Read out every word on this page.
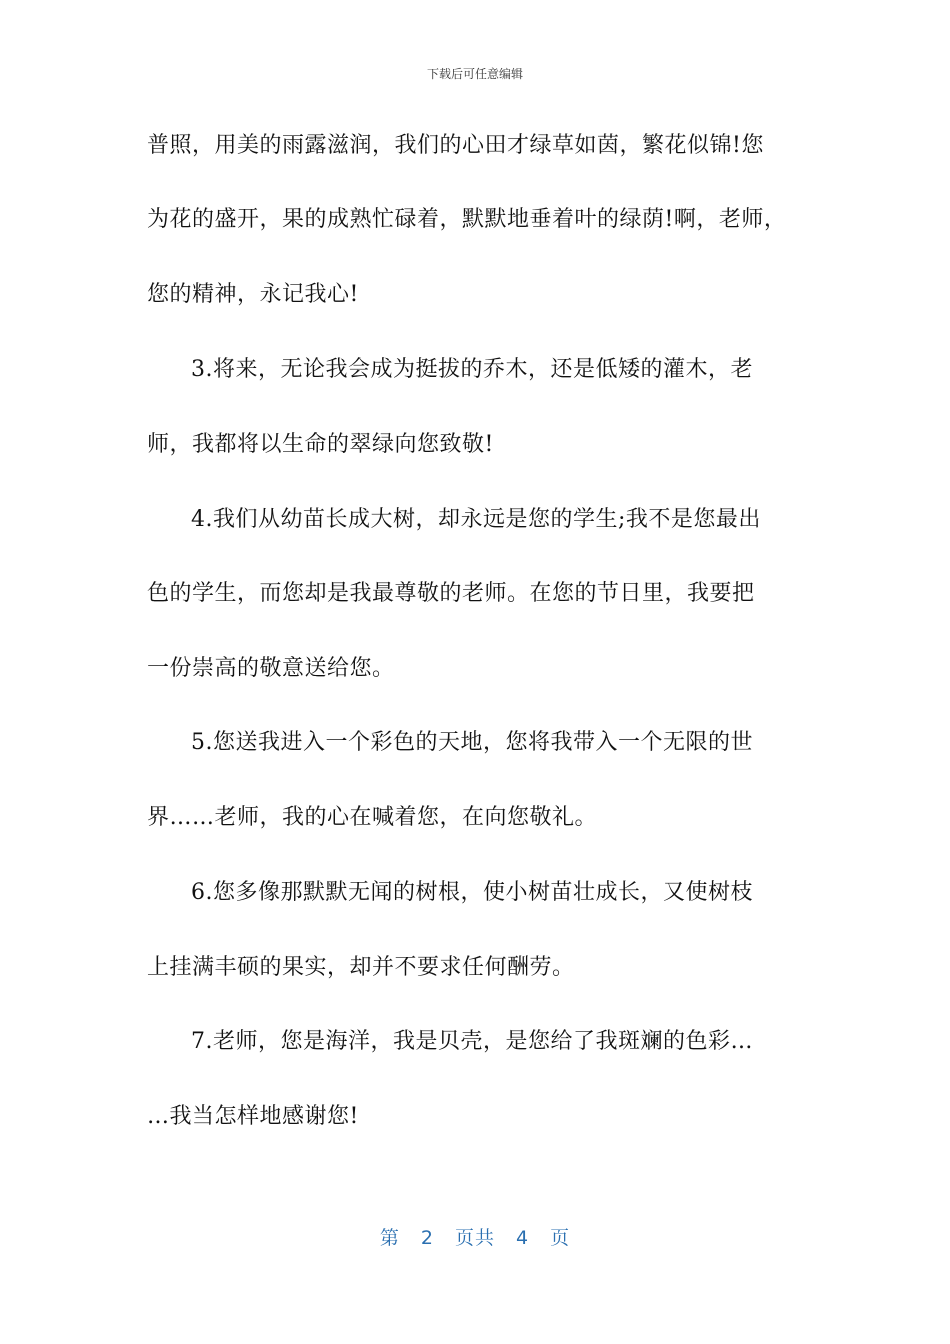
下载后可任意编辑
普照，用美的雨露滋润，我们的心田才绿草如茵，繁花似锦!您
为花的盛开，果的成熟忙碌着，默默地垂着叶的绿荫!啊，老师，
您的精神，永记我心!
3.将来，无论我会成为挺拔的乔木，还是低矮的灌木，老
师，我都将以生命的翠绿向您致敬!
4.我们从幼苗长成大树，却永远是您的学生;我不是您最出
色的学生，而您却是我最尊敬的老师。在您的节日里，我要把
一份崇高的敬意送给您。
5.您送我进入一个彩色的天地，您将我带入一个无限的世
界……老师，我的心在喊着您，在向您敬礼。
6.您多像那默默无闻的树根，使小树苗壮成长，又使树枝
上挂满丰硕的果实，却并不要求任何酬劳。
7.老师，您是海洋，我是贝壳，是您给了我斑斓的色彩…
…我当怎样地感谢您!
第 2 页共 4 页
